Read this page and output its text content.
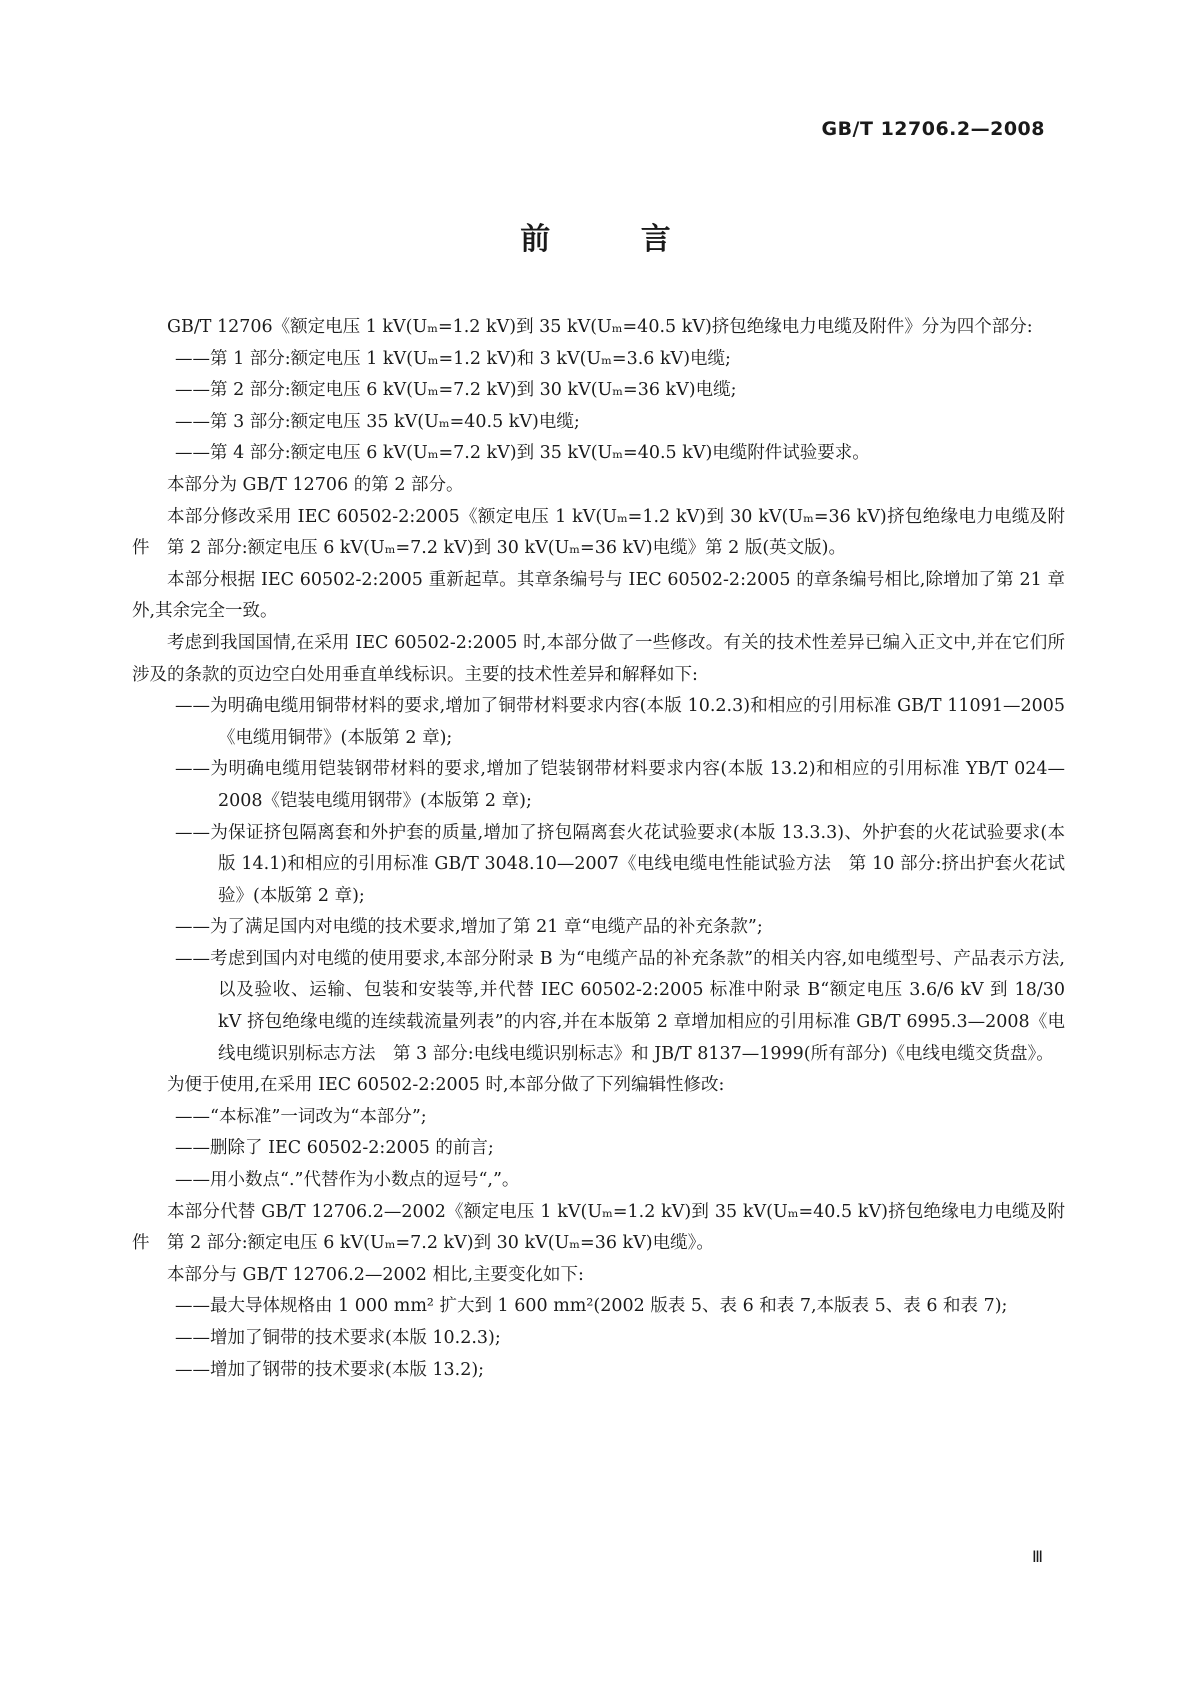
GB/T 12706.2—2008
前 言

GB/T 12706《额定电压 1 kV(Uₘ=1.2 kV)到 35 kV(Uₘ=40.5 kV)挤包绝缘电力电缆及附件》分为四个部分:

——第 1 部分:额定电压 1 kV(Uₘ=1.2 kV)和 3 kV(Uₘ=3.6 kV)电缆;

——第 2 部分:额定电压 6 kV(Uₘ=7.2 kV)到 30 kV(Uₘ=36 kV)电缆;

——第 3 部分:额定电压 35 kV(Uₘ=40.5 kV)电缆;

——第 4 部分:额定电压 6 kV(Uₘ=7.2 kV)到 35 kV(Uₘ=40.5 kV)电缆附件试验要求。

本部分为 GB/T 12706 的第 2 部分。

本部分修改采用 IEC 60502-2:2005《额定电压 1 kV(Uₘ=1.2 kV)到 30 kV(Uₘ=36 kV)挤包绝缘电力电缆及附件　第 2 部分:额定电压 6 kV(Uₘ=7.2 kV)到 30 kV(Uₘ=36 kV)电缆》第 2 版(英文版)。

本部分根据 IEC 60502-2:2005 重新起草。其章条编号与 IEC 60502-2:2005 的章条编号相比,除增加了第 21 章外,其余完全一致。

考虑到我国国情,在采用 IEC 60502-2:2005 时,本部分做了一些修改。有关的技术性差异已编入正文中,并在它们所涉及的条款的页边空白处用垂直单线标识。主要的技术性差异和解释如下:

——为明确电缆用铜带材料的要求,增加了铜带材料要求内容(本版 10.2.3)和相应的引用标准 GB/T 11091—2005《电缆用铜带》(本版第 2 章);

——为明确电缆用铠装钢带材料的要求,增加了铠装钢带材料要求内容(本版 13.2)和相应的引用标准 YB/T 024—2008《铠装电缆用钢带》(本版第 2 章);

——为保证挤包隔离套和外护套的质量,增加了挤包隔离套火花试验要求(本版 13.3.3)、外护套的火花试验要求(本版 14.1)和相应的引用标准 GB/T 3048.10—2007《电线电缆电性能试验方法　第 10 部分:挤出护套火花试验》(本版第 2 章);

——为了满足国内对电缆的技术要求,增加了第 21 章“电缆产品的补充条款”;

——考虑到国内对电缆的使用要求,本部分附录 B 为“电缆产品的补充条款”的相关内容,如电缆型号、产品表示方法,以及验收、运输、包装和安装等,并代替 IEC 60502-2:2005 标准中附录 B“额定电压 3.6/6 kV 到 18/30 kV 挤包绝缘电缆的连续载流量列表”的内容,并在本版第 2 章增加相应的引用标准 GB/T 6995.3—2008《电线电缆识别标志方法　第 3 部分:电线电缆识别标志》和 JB/T 8137—1999(所有部分)《电线电缆交货盘》。

为便于使用,在采用 IEC 60502-2:2005 时,本部分做了下列编辑性修改:

——“本标准”一词改为“本部分”;

——删除了 IEC 60502-2:2005 的前言;

——用小数点“.”代替作为小数点的逗号“,”。

本部分代替 GB/T 12706.2—2002《额定电压 1 kV(Uₘ=1.2 kV)到 35 kV(Uₘ=40.5 kV)挤包绝缘电力电缆及附件　第 2 部分:额定电压 6 kV(Uₘ=7.2 kV)到 30 kV(Uₘ=36 kV)电缆》。

本部分与 GB/T 12706.2—2002 相比,主要变化如下:

——最大导体规格由 1 000 mm² 扩大到 1 600 mm²(2002 版表 5、表 6 和表 7,本版表 5、表 6 和表 7);

——增加了铜带的技术要求(本版 10.2.3);

——增加了钢带的技术要求(本版 13.2);

Ⅲ
